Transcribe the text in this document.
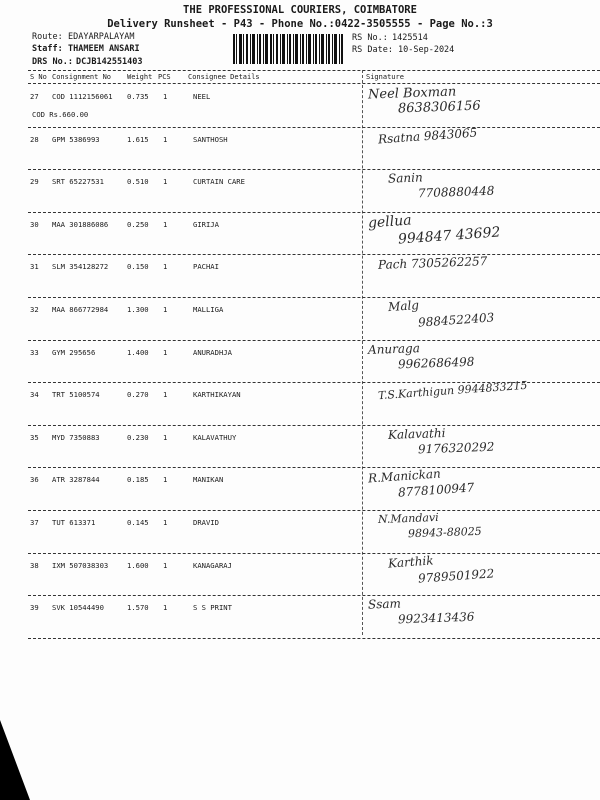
THE PROFESSIONAL COURIERS, COIMBATORE
Delivery Runsheet - P43 - Phone No.:0422-3505555 - Page No.:3
Route: EDAYARPALAYAM
Staff: THAMEEM ANSARI
DRS No.: DCJB142551403
RS No.: 1425514
RS Date: 10-Sep-2024
S No Consignment No Weight PCS Consignee Details	Signature
27 COD 1112156061 0.735 1	NEEL
COD Rs.660.00
Neel Boxman
8638306156
28 GPM 5386993	1.615 1	SANTHOSH	Rsatna 9843065
29 SRT 65227531	0.510 1	CURTAIN CARE	Sanin
7708880448
30 MAA 301886086	0.250 1	GIRIJA	gellua
994847 43692
31 SLM 354128272	0.150 1	PACHAI	Pach 7305262257
32 MAA 866772984	1.300 1	MALLIGA	Malg
9884522403
33 GYM 295656	1.400 1	ANURADHJA	Anuraga
9962686498
34 TRT 5100574	0.270 1	KARTHIKAYAN	T.S.Karthigun 9944833215
35 MYD 7350883	0.230 1	KALAVATHUY	Kalavathi
9176320292
36 ATR 3287844	0.185 1	MANIKAN	R.Manickan
8778100947
37 TUT 613371	0.145 1	DRAVID	N.Mandavi
98943-88025
38 IXM 507038303	1.600 1	KANAGARAJ	Karthik
9789501922
39 SVK 10544490	1.570 1	S S PRINT	Ssam
9923413436
